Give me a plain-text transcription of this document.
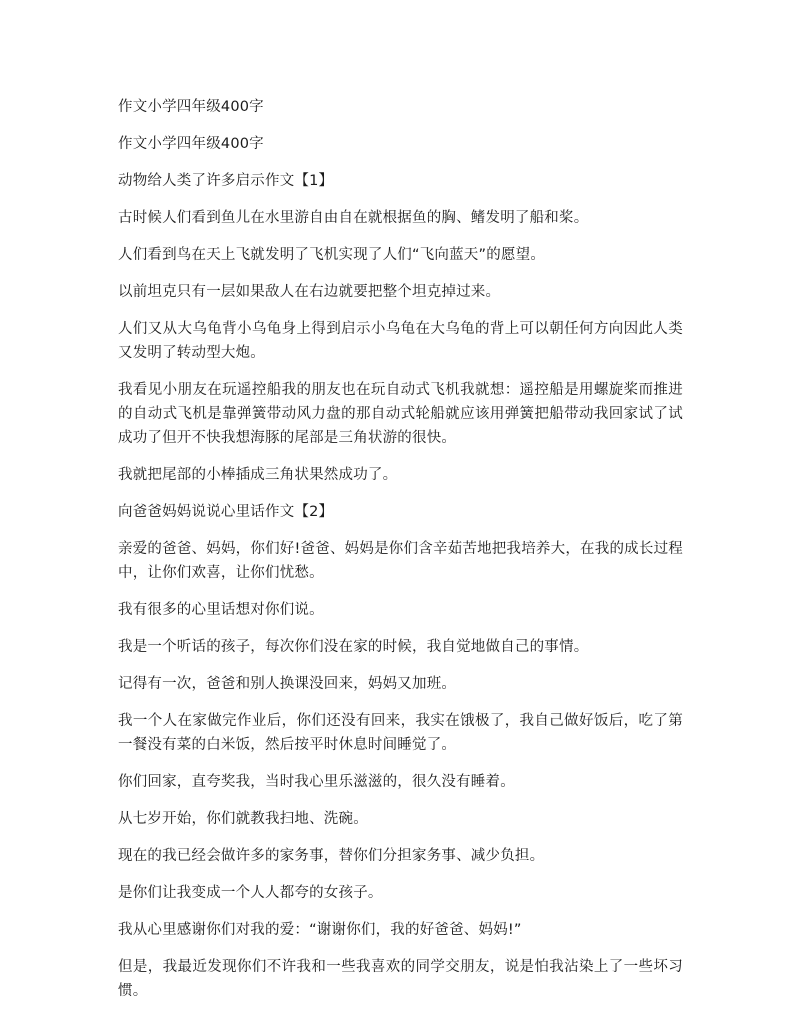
作文小学四年级400字

作文小学四年级400字

动物给人类了许多启示作文【1】

古时候人们看到鱼儿在水里游自由自在就根据鱼的胸、鳍发明了船和桨。

人们看到鸟在天上飞就发明了飞机实现了人们“飞向蓝天”的愿望。

以前坦克只有一层如果敌人在右边就要把整个坦克掉过来。

人们又从大乌龟背小乌龟身上得到启示小乌龟在大乌龟的背上可以朝任何方向因此人类又发明了转动型大炮。

我看见小朋友在玩遥控船我的朋友也在玩自动式飞机我就想：遥控船是用螺旋桨而推进的自动式飞机是靠弹簧带动风力盘的那自动式轮船就应该用弹簧把船带动我回家试了试成功了但开不快我想海豚的尾部是三角状游的很快。

我就把尾部的小棒插成三角状果然成功了。

向爸爸妈妈说说心里话作文【2】

亲爱的爸爸、妈妈，你们好!爸爸、妈妈是你们含辛茹苦地把我培养大，在我的成长过程中，让你们欢喜，让你们忧愁。

我有很多的心里话想对你们说。

我是一个听话的孩子，每次你们没在家的时候，我自觉地做自己的事情。

记得有一次，爸爸和别人换课没回来，妈妈又加班。

我一个人在家做完作业后，你们还没有回来，我实在饿极了，我自己做好饭后，吃了第一餐没有菜的白米饭，然后按平时休息时间睡觉了。

你们回家，直夸奖我，当时我心里乐滋滋的，很久没有睡着。

从七岁开始，你们就教我扫地、洗碗。

现在的我已经会做许多的家务事，替你们分担家务事、减少负担。

是你们让我变成一个人人都夸的女孩子。

我从心里感谢你们对我的爱：“谢谢你们，我的好爸爸、妈妈!”

但是，我最近发现你们不许我和一些我喜欢的同学交朋友，说是怕我沾染上了一些坏习惯。
